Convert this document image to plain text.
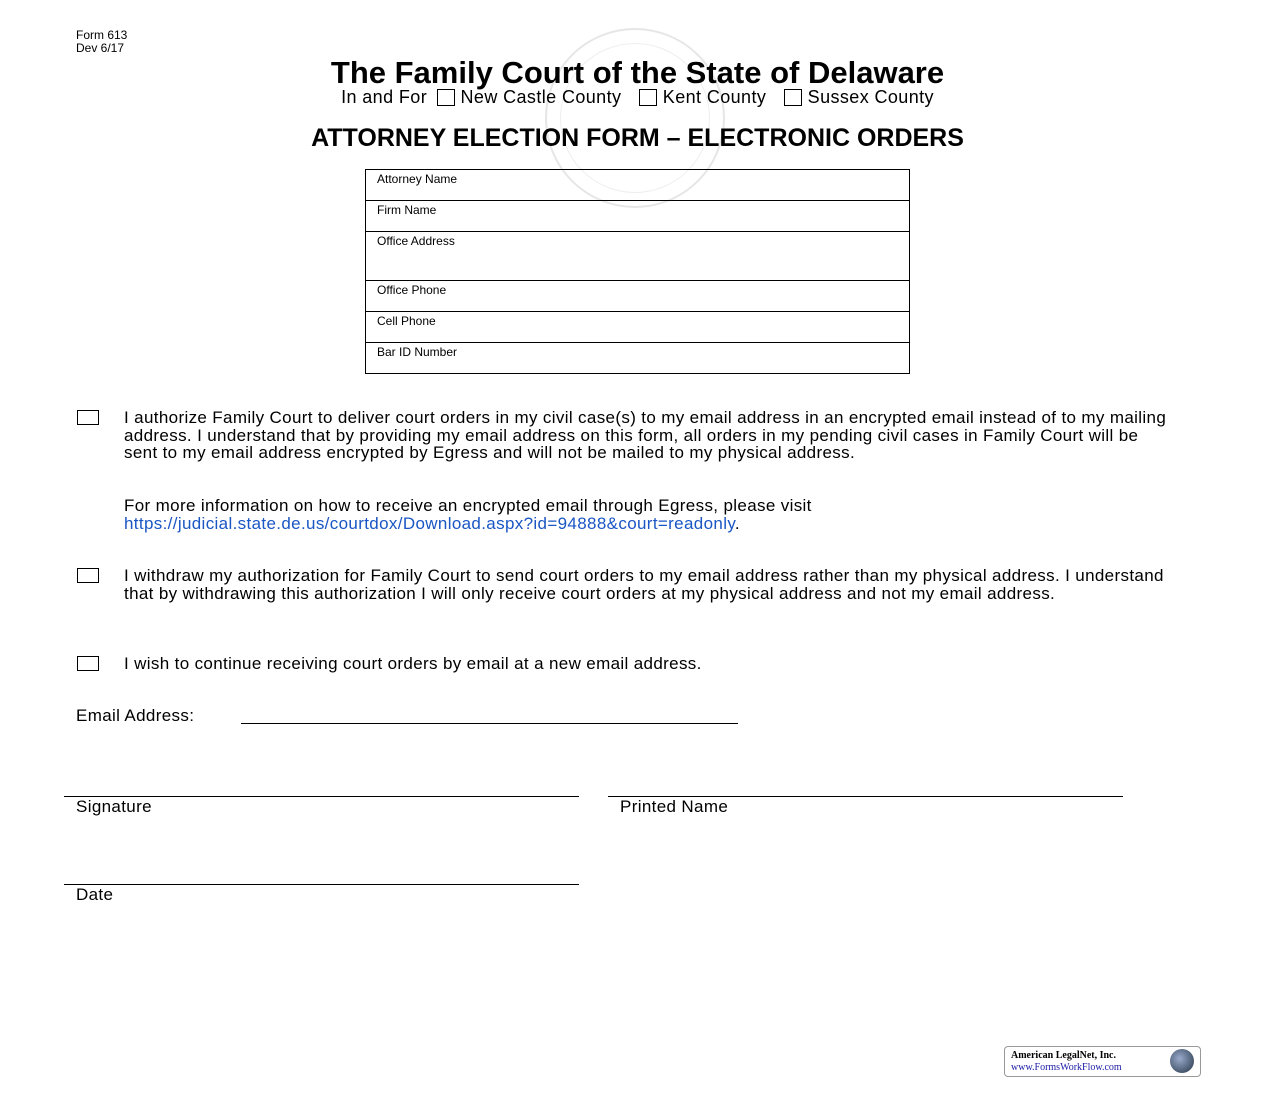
Form 613
Dev 6/17
The Family Court of the State of Delaware
In and For New Castle County Kent County Sussex County
ATTORNEY ELECTION FORM – ELECTRONIC ORDERS
Attorney Name
Firm Name
Office Address
Office Phone
Cell Phone
Bar ID Number
I authorize Family Court to deliver court orders in my civil case(s) to my email address in an encrypted email instead of to my mailing address. I understand that by providing my email address on this form, all orders in my pending civil cases in Family Court will be sent to my email address encrypted by Egress and will not be mailed to my physical address.
For more information on how to receive an encrypted email through Egress, please visit
https://judicial.state.de.us/courtdox/Download.aspx?id=94888&court=readonly.
I withdraw my authorization for Family Court to send court orders to my email address rather than my physical address. I understand that by withdrawing this authorization I will only receive court orders at my physical address and not my email address.
I wish to continue receiving court orders by email at a new email address.
Email Address:
Signature	Printed Name
Date
American LegalNet, Inc.
www.FormsWorkFlow.com
